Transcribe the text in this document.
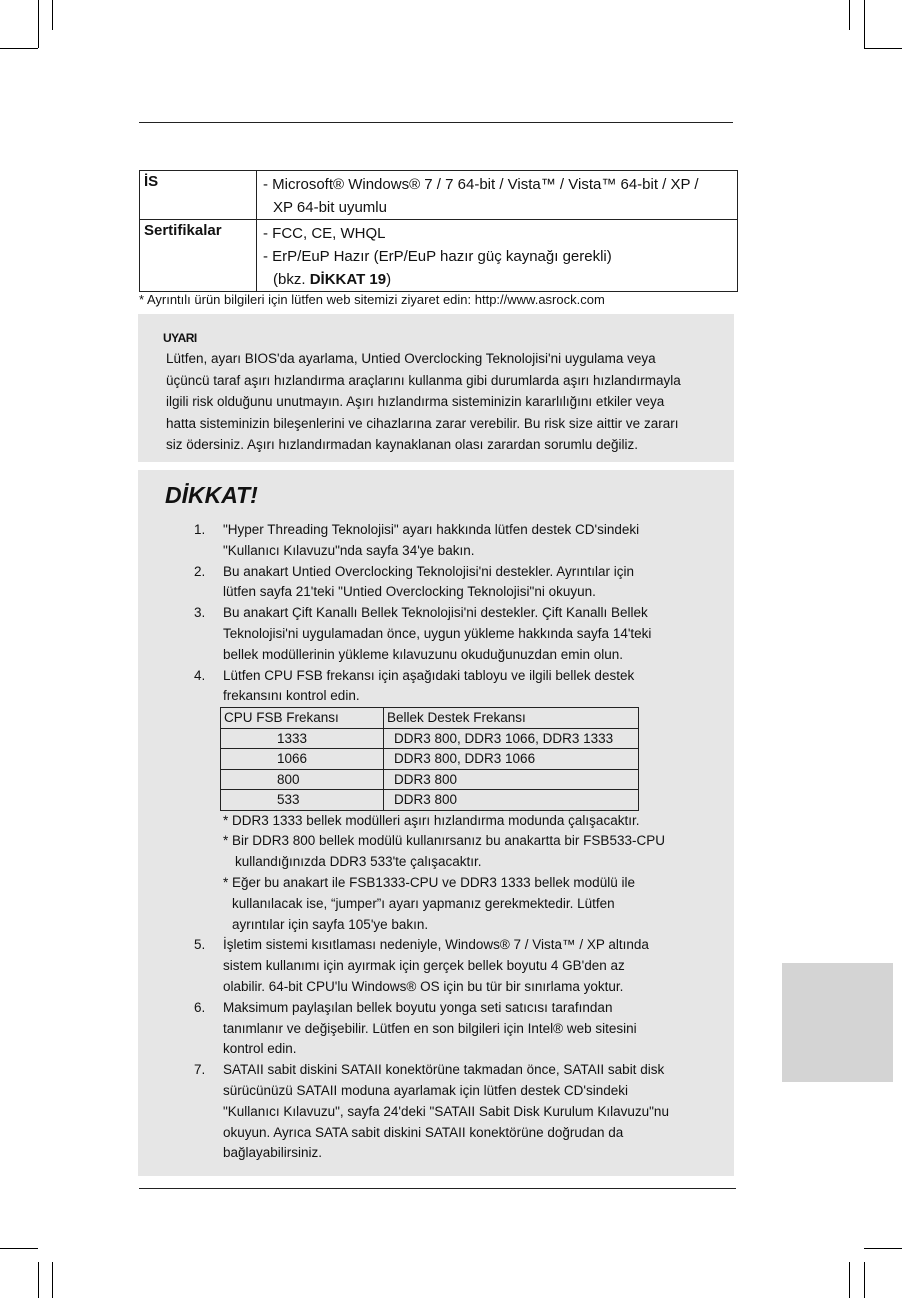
İS	- Microsoft® Windows® 7 / 7 64-bit / Vista™ / Vista™ 64-bit / XP /
XP 64-bit uyumlu
Sertifikalar	- FCC, CE, WHQL
- ErP/EuP Hazır (ErP/EuP hazır güç kaynağı gerekli)
(bkz. DİKKAT 19)
* Ayrıntılı ürün bilgileri için lütfen web sitemizi ziyaret edin: http://www.asrock.com
UYARI
Lütfen, ayarı BIOS'da ayarlama, Untied Overclocking Teknolojisi'ni uygulama veya
üçüncü taraf aşırı hızlandırma araçlarını kullanma gibi durumlarda aşırı hızlandırmayla
ilgili risk olduğunu unutmayın. Aşırı hızlandırma sisteminizin kararlılığını etkiler veya
hatta sisteminizin bileşenlerini ve cihazlarına zarar verebilir. Bu risk size aittir ve zararı
siz ödersiniz. Aşırı hızlandırmadan kaynaklanan olası zarardan sorumlu değiliz.
DİKKAT!
1. "Hyper Threading Teknolojisi" ayarı hakkında lütfen destek CD'sindeki
"Kullanıcı Kılavuzu"nda sayfa 34'ye bakın.
2. Bu anakart Untied Overclocking Teknolojisi'ni destekler. Ayrıntılar için
lütfen sayfa 21'teki "Untied Overclocking Teknolojisi"ni okuyun.
3. Bu anakart Çift Kanallı Bellek Teknolojisi'ni destekler. Çift Kanallı Bellek
Teknolojisi'ni uygulamadan önce, uygun yükleme hakkında sayfa 14'teki
bellek modüllerinin yükleme kılavuzunu okuduğunuzdan emin olun.
4. Lütfen CPU FSB frekansı için aşağıdaki tabloyu ve ilgili bellek destek
frekansını kontrol edin.
CPU FSB Frekansı	Bellek Destek Frekansı
1333	DDR3 800, DDR3 1066, DDR3 1333
1066	DDR3 800, DDR3 1066
800	DDR3 800
533	DDR3 800
* DDR3 1333 bellek modülleri aşırı hızlandırma modunda çalışacaktır.
* Bir DDR3 800 bellek modülü kullanırsanız bu anakartta bir FSB533-CPU
kullandığınızda DDR3 533'te çalışacaktır.
* Eğer bu anakart ile FSB1333-CPU ve DDR3 1333 bellek modülü ile
kullanılacak ise, “jumper”ı ayarı yapmanız gerekmektedir. Lütfen
ayrıntılar için sayfa 105'ye bakın.
5. İşletim sistemi kısıtlaması nedeniyle, Windows® 7 / Vista™ / XP altında
sistem kullanımı için ayırmak için gerçek bellek boyutu 4 GB'den az
olabilir. 64-bit CPU'lu Windows® OS için bu tür bir sınırlama yoktur.
6. Maksimum paylaşılan bellek boyutu yonga seti satıcısı tarafından
tanımlanır ve değişebilir. Lütfen en son bilgileri için Intel® web sitesini
kontrol edin.
7. SATAII sabit diskini SATAII konektörüne takmadan önce, SATAII sabit disk
sürücünüzü SATAII moduna ayarlamak için lütfen destek CD'sindeki
"Kullanıcı Kılavuzu", sayfa 24'deki "SATAII Sabit Disk Kurulum Kılavuzu"nu
okuyun. Ayrıca SATA sabit diskini SATAII konektörüne doğrudan da
bağlayabilirsiniz.
